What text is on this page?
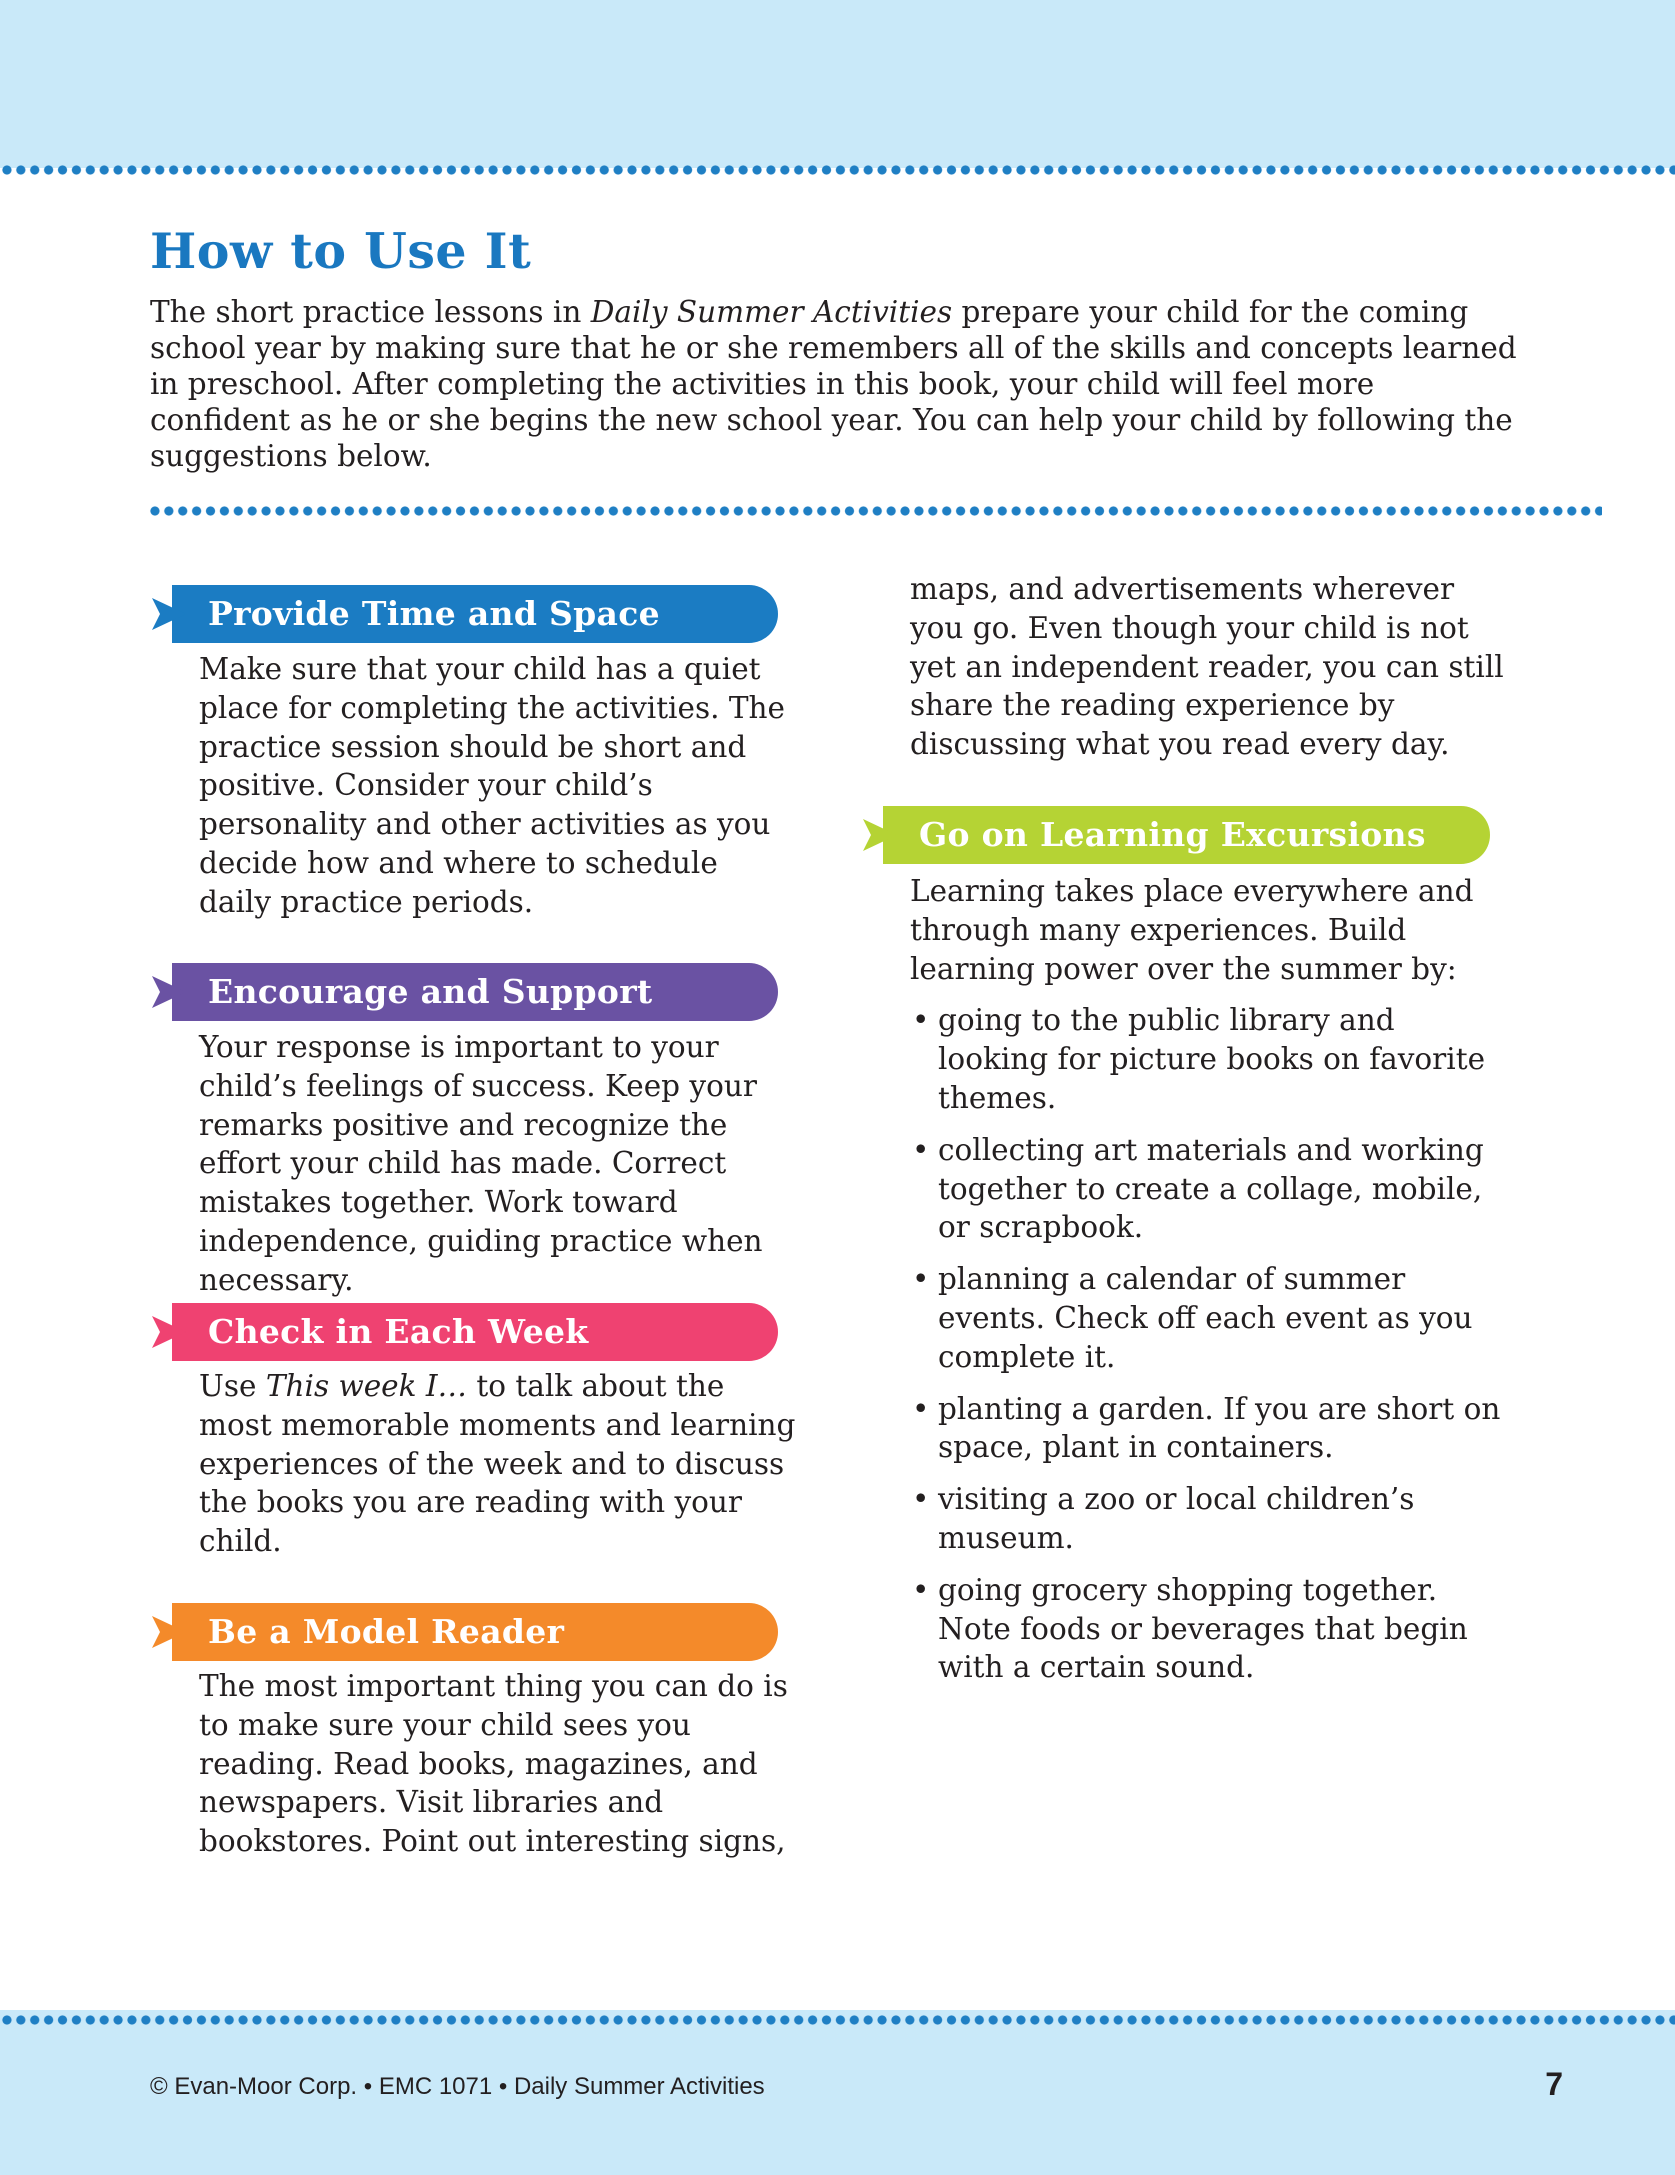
How to Use It

The short practice lessons in Daily Summer Activities prepare your child for the coming school year by making sure that he or she remembers all of the skills and concepts learned in preschool. After completing the activities in this book, your child will feel more confident as he or she begins the new school year. You can help your child by following the suggestions below.

Provide Time and Space

Make sure that your child has a quiet place for completing the activities. The practice session should be short and positive. Consider your child’s personality and other activities as you decide how and where to schedule daily practice periods.

Encourage and Support

Your response is important to your child’s feelings of success. Keep your remarks positive and recognize the effort your child has made. Correct mistakes together. Work toward independence, guiding practice when necessary.

Check in Each Week

Use This week I… to talk about the most memorable moments and learning experiences of the week and to discuss the books you are reading with your child.

Be a Model Reader

The most important thing you can do is to make sure your child sees you reading. Read books, magazines, and newspapers. Visit libraries and bookstores. Point out interesting signs,

maps, and advertisements wherever you go. Even though your child is not yet an independent reader, you can still share the reading experience by discussing what you read every day.

Go on Learning Excursions

Learning takes place everywhere and through many experiences. Build learning power over the summer by:

• going to the public library and looking for picture books on favorite themes.
• collecting art materials and working together to create a collage, mobile, or scrapbook.
• planning a calendar of summer events. Check off each event as you complete it.
• planting a garden. If you are short on space, plant in containers.
• visiting a zoo or local children’s museum.
• going grocery shopping together. Note foods or beverages that begin with a certain sound.
© Evan-Moor Corp. • EMC 1071 • Daily Summer Activities	7
